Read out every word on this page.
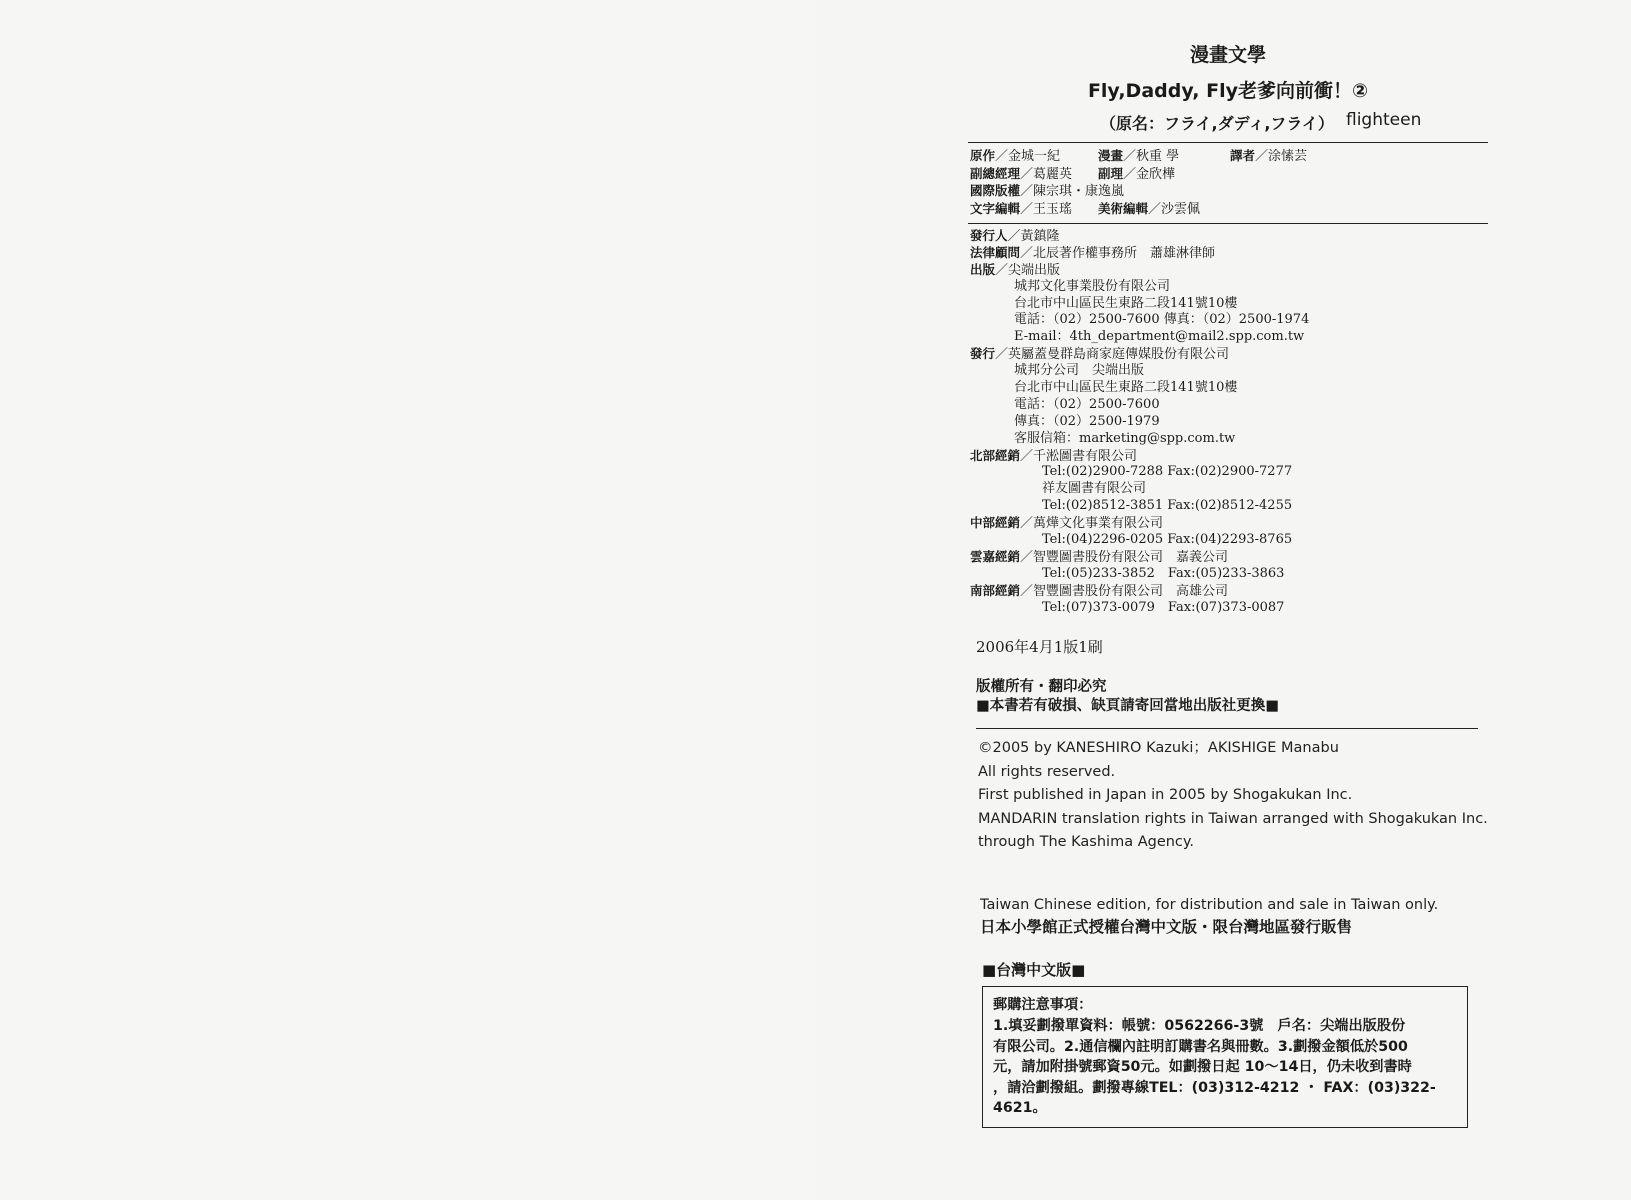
漫畫文學
Fly,Daddy, Fly老爹向前衝！②
（原名：フライ,ダディ,フライ） flighteen
原作／金城一紀	漫畫／秋重 學	譯者／涂愫芸
副總經理／葛麗英 副理／金欣樺
國際版權／陳宗琪・康逸嵐
文字編輯／王玉瑤 美術編輯／沙雲佩
發行人／黃鎮隆
法律顧問／北辰著作權事務所　蕭雄淋律師
出版／尖端出版
城邦文化事業股份有限公司
台北市中山區民生東路二段141號10樓
電話：（02）2500-7600 傳真：（02）2500-1974
E-mail：4th_department@mail2.spp.com.tw
發行／英屬蓋曼群島商家庭傳媒股份有限公司
城邦分公司　尖端出版
台北市中山區民生東路二段141號10樓
電話：（02）2500-7600
傳真：（02）2500-1979
客服信箱：marketing@spp.com.tw
北部經銷／千淞圖書有限公司
Tel:(02)2900-7288 Fax:(02)2900-7277
祥友圖書有限公司
Tel:(02)8512-3851 Fax:(02)8512-4255
中部經銷／萬燁文化事業有限公司
Tel:(04)2296-0205 Fax:(04)2293-8765
雲嘉經銷／智豐圖書股份有限公司　嘉義公司
Tel:(05)233-3852　Fax:(05)233-3863
南部經銷／智豐圖書股份有限公司　高雄公司
Tel:(07)373-0079　Fax:(07)373-0087
2006年4月1版1刷
版權所有・翻印必究
■本書若有破損、缺頁請寄回當地出版社更換■
©2005 by KANESHIRO Kazuki；AKISHIGE Manabu
All rights reserved.
First published in Japan in 2005 by Shogakukan Inc.
MANDARIN translation rights in Taiwan arranged with Shogakukan Inc.
through The Kashima Agency.
Taiwan Chinese edition, for distribution and sale in Taiwan only.
日本小學館正式授權台灣中文版・限台灣地區發行販售
■台灣中文版■
郵購注意事項：
1.填妥劃撥單資料：帳號：0562266-3號　戶名：尖端出版股份
有限公司。2.通信欄內註明訂購書名與冊數。3.劃撥金額低於500
元，請加附掛號郵資50元。如劃撥日起 10～14日，仍未收到書時
，請洽劃撥組。劃撥專線TEL：(03)312-4212 ・ FAX：(03)322-
4621。
